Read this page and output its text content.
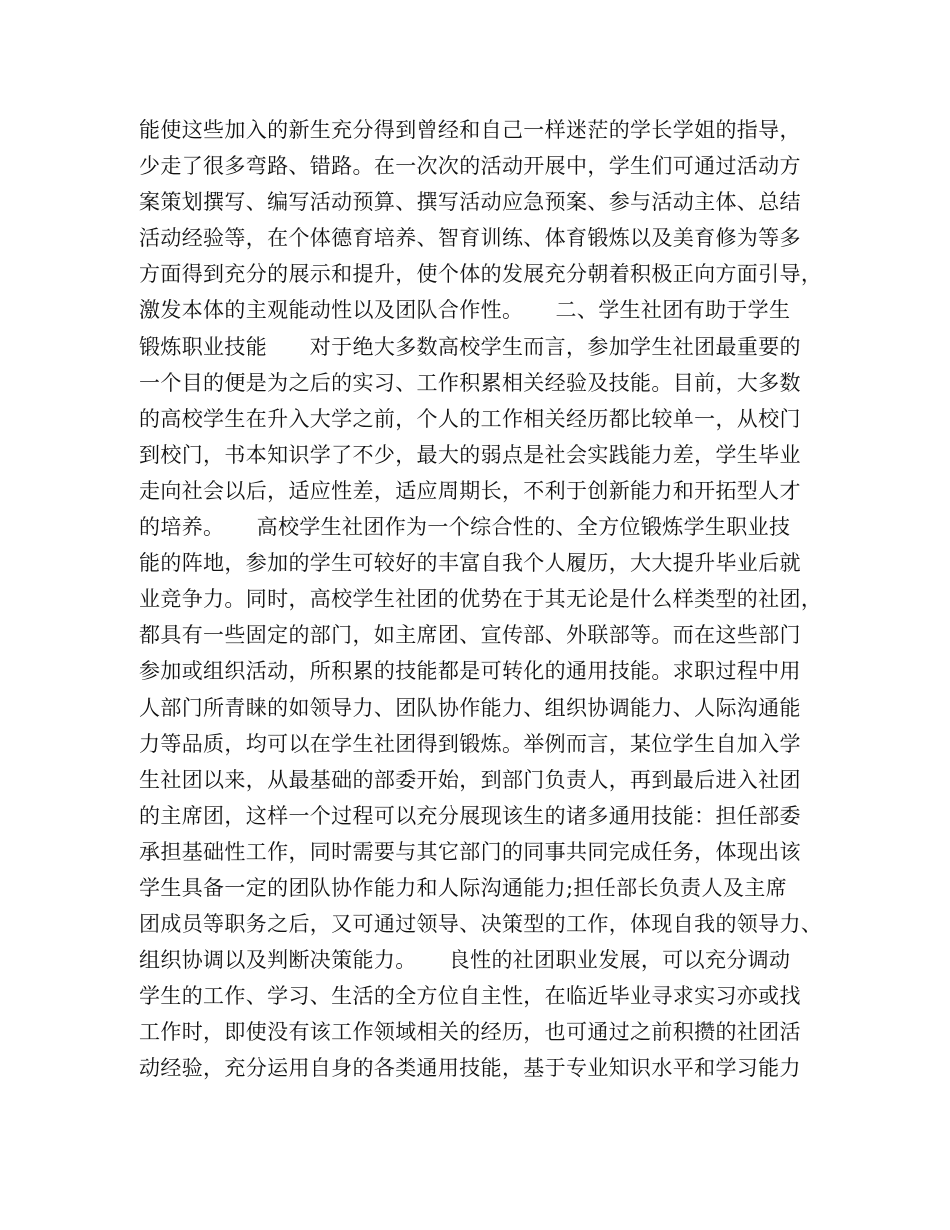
能使这些加入的新生充分得到曾经和自己一样迷茫的学长学姐的指导，
少走了很多弯路、错路。在一次次的活动开展中，学生们可通过活动方
案策划撰写、编写活动预算、撰写活动应急预案、参与活动主体、总结
活动经验等，在个体德育培养、智育训练、体育锻炼以及美育修为等多
方面得到充分的展示和提升，使个体的发展充分朝着积极正向方面引导，
激发本体的主观能动性以及团队合作性。　　二、学生社团有助于学生
锻炼职业技能　　对于绝大多数高校学生而言，参加学生社团最重要的
一个目的便是为之后的实习、工作积累相关经验及技能。目前，大多数
的高校学生在升入大学之前，个人的工作相关经历都比较单一，从校门
到校门，书本知识学了不少，最大的弱点是社会实践能力差，学生毕业
走向社会以后，适应性差，适应周期长，不利于创新能力和开拓型人才
的培养。　　高校学生社团作为一个综合性的、全方位锻炼学生职业技
能的阵地，参加的学生可较好的丰富自我个人履历，大大提升毕业后就
业竞争力。同时，高校学生社团的优势在于其无论是什么样类型的社团，
都具有一些固定的部门，如主席团、宣传部、外联部等。而在这些部门
参加或组织活动，所积累的技能都是可转化的通用技能。求职过程中用
人部门所青睐的如领导力、团队协作能力、组织协调能力、人际沟通能
力等品质，均可以在学生社团得到锻炼。举例而言，某位学生自加入学
生社团以来，从最基础的部委开始，到部门负责人，再到最后进入社团
的主席团，这样一个过程可以充分展现该生的诸多通用技能：担任部委
承担基础性工作，同时需要与其它部门的同事共同完成任务，体现出该
学生具备一定的团队协作能力和人际沟通能力;担任部长负责人及主席
团成员等职务之后，又可通过领导、决策型的工作，体现自我的领导力、
组织协调以及判断决策能力。　　良性的社团职业发展，可以充分调动
学生的工作、学习、生活的全方位自主性，在临近毕业寻求实习亦或找
工作时，即使没有该工作领域相关的经历，也可通过之前积攒的社团活
动经验，充分运用自身的各类通用技能，基于专业知识水平和学习能力
